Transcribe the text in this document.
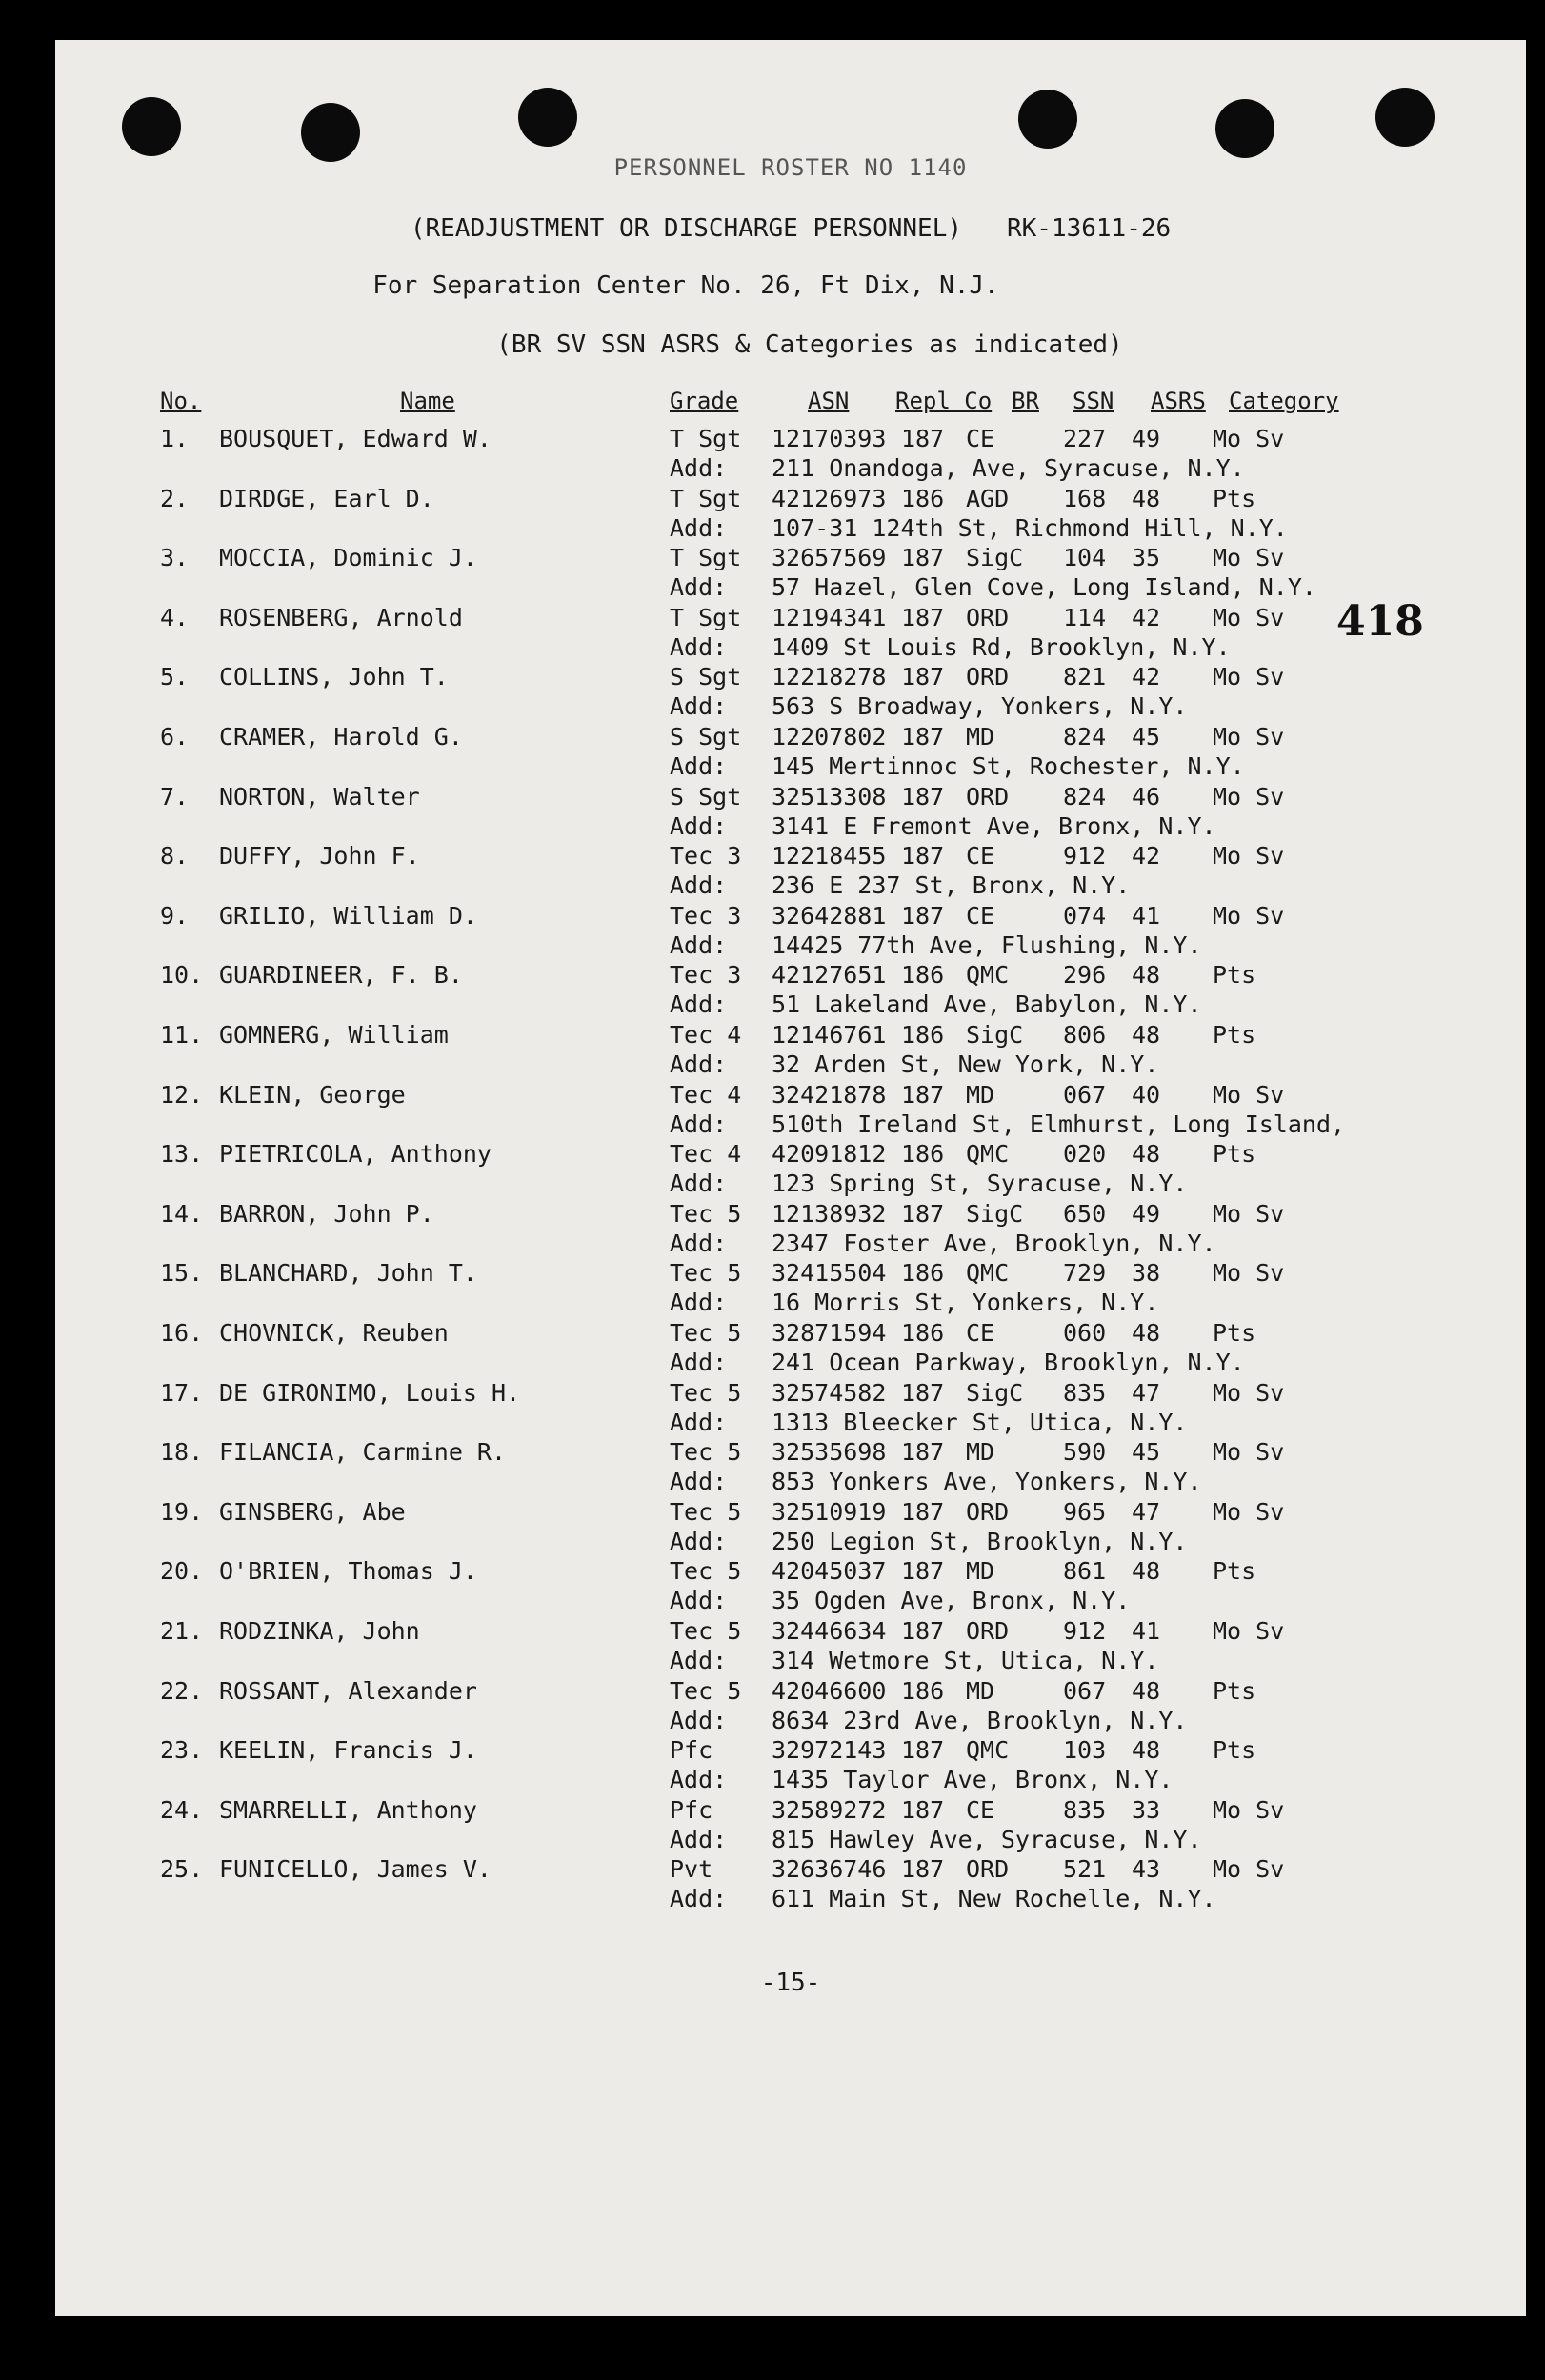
PERSONNEL ROSTER NO 1140
(READJUSTMENT OR DISCHARGE PERSONNEL) RK-13611-26
For Separation Center No. 26, Ft Dix, N.J.
(BR SV SSN ASRS & Categories as indicated)
No.	Name	Grade	ASN Repl Co BR SSN ASRS Category
1. BOUSQUET, Edward W.	T Sgt 12170393 187 CE	227 49 Mo Sv
Add: 211 Onandoga, Ave, Syracuse, N.Y.
2. DIRDGE, Earl D.	T Sgt 42126973 186 AGD 168 48 Pts
Add: 107-31 124th St, Richmond Hill, N.Y.
3. MOCCIA, Dominic J.	T Sgt 32657569 187 SigC 104 35 Mo Sv
Add: 57 Hazel, Glen Cove, Long Island, N.Y.
4. ROSENBERG, Arnold	T Sgt 12194341 187 ORD 114 42 Mo Sv
Add: 1409 St Louis Rd, Brooklyn, N.Y.
5. COLLINS, John T.	S Sgt 12218278 187 ORD 821 42 Mo Sv
Add: 563 S Broadway, Yonkers, N.Y.
6. CRAMER, Harold G.	S Sgt 12207802 187 MD	824 45 Mo Sv
Add: 145 Mertinnoc St, Rochester, N.Y.
7. NORTON, Walter	S Sgt 32513308 187 ORD 824 46 Mo Sv
Add: 3141 E Fremont Ave, Bronx, N.Y.
8. DUFFY, John F.	Tec 3 12218455 187 CE	912 42 Mo Sv
Add: 236 E 237 St, Bronx, N.Y.
9. GRILIO, William D.	Tec 3 32642881 187 CE	074 41 Mo Sv
Add: 14425 77th Ave, Flushing, N.Y.
10. GUARDINEER, F. B.	Tec 3 42127651 186 QMC 296 48 Pts
Add: 51 Lakeland Ave, Babylon, N.Y.
11. GOMNERG, William	Tec 4 12146761 186 SigC 806 48 Pts
Add: 32 Arden St, New York, N.Y.
12. KLEIN, George	Tec 4 32421878 187 MD	067 40 Mo Sv
Add: 510th Ireland St, Elmhurst, Long Island,
13. PIETRICOLA, Anthony	Tec 4 42091812 186 QMC 020 48 Pts
Add: 123 Spring St, Syracuse, N.Y.
14. BARRON, John P.	Tec 5 12138932 187 SigC 650 49 Mo Sv
Add: 2347 Foster Ave, Brooklyn, N.Y.
15. BLANCHARD, John T.	Tec 5 32415504 186 QMC 729 38 Mo Sv
Add: 16 Morris St, Yonkers, N.Y.
16. CHOVNICK, Reuben	Tec 5 32871594 186 CE	060 48 Pts
Add: 241 Ocean Parkway, Brooklyn, N.Y.
17. DE GIRONIMO, Louis H.	Tec 5 32574582 187 SigC 835 47 Mo Sv
Add: 1313 Bleecker St, Utica, N.Y.
18. FILANCIA, Carmine R.	Tec 5 32535698 187 MD	590 45 Mo Sv
Add: 853 Yonkers Ave, Yonkers, N.Y.
19. GINSBERG, Abe	Tec 5 32510919 187 ORD 965 47 Mo Sv
Add: 250 Legion St, Brooklyn, N.Y.
20. O'BRIEN, Thomas J.	Tec 5 42045037 187 MD	861 48 Pts
Add: 35 Ogden Ave, Bronx, N.Y.
21. RODZINKA, John	Tec 5 32446634 187 ORD 912 41 Mo Sv
Add: 314 Wetmore St, Utica, N.Y.
22. ROSSANT, Alexander	Tec 5 42046600 186 MD	067 48 Pts
Add: 8634 23rd Ave, Brooklyn, N.Y.
23. KEELIN, Francis J.	Pfc 32972143 187 QMC 103 48 Pts
Add: 1435 Taylor Ave, Bronx, N.Y.
24. SMARRELLI, Anthony	Pfc 32589272 187 CE	835 33 Mo Sv
Add: 815 Hawley Ave, Syracuse, N.Y.
25. FUNICELLO, James V.	Pvt 32636746 187 ORD 521 43 Mo Sv
Add: 611 Main St, New Rochelle, N.Y.
418
-15-
